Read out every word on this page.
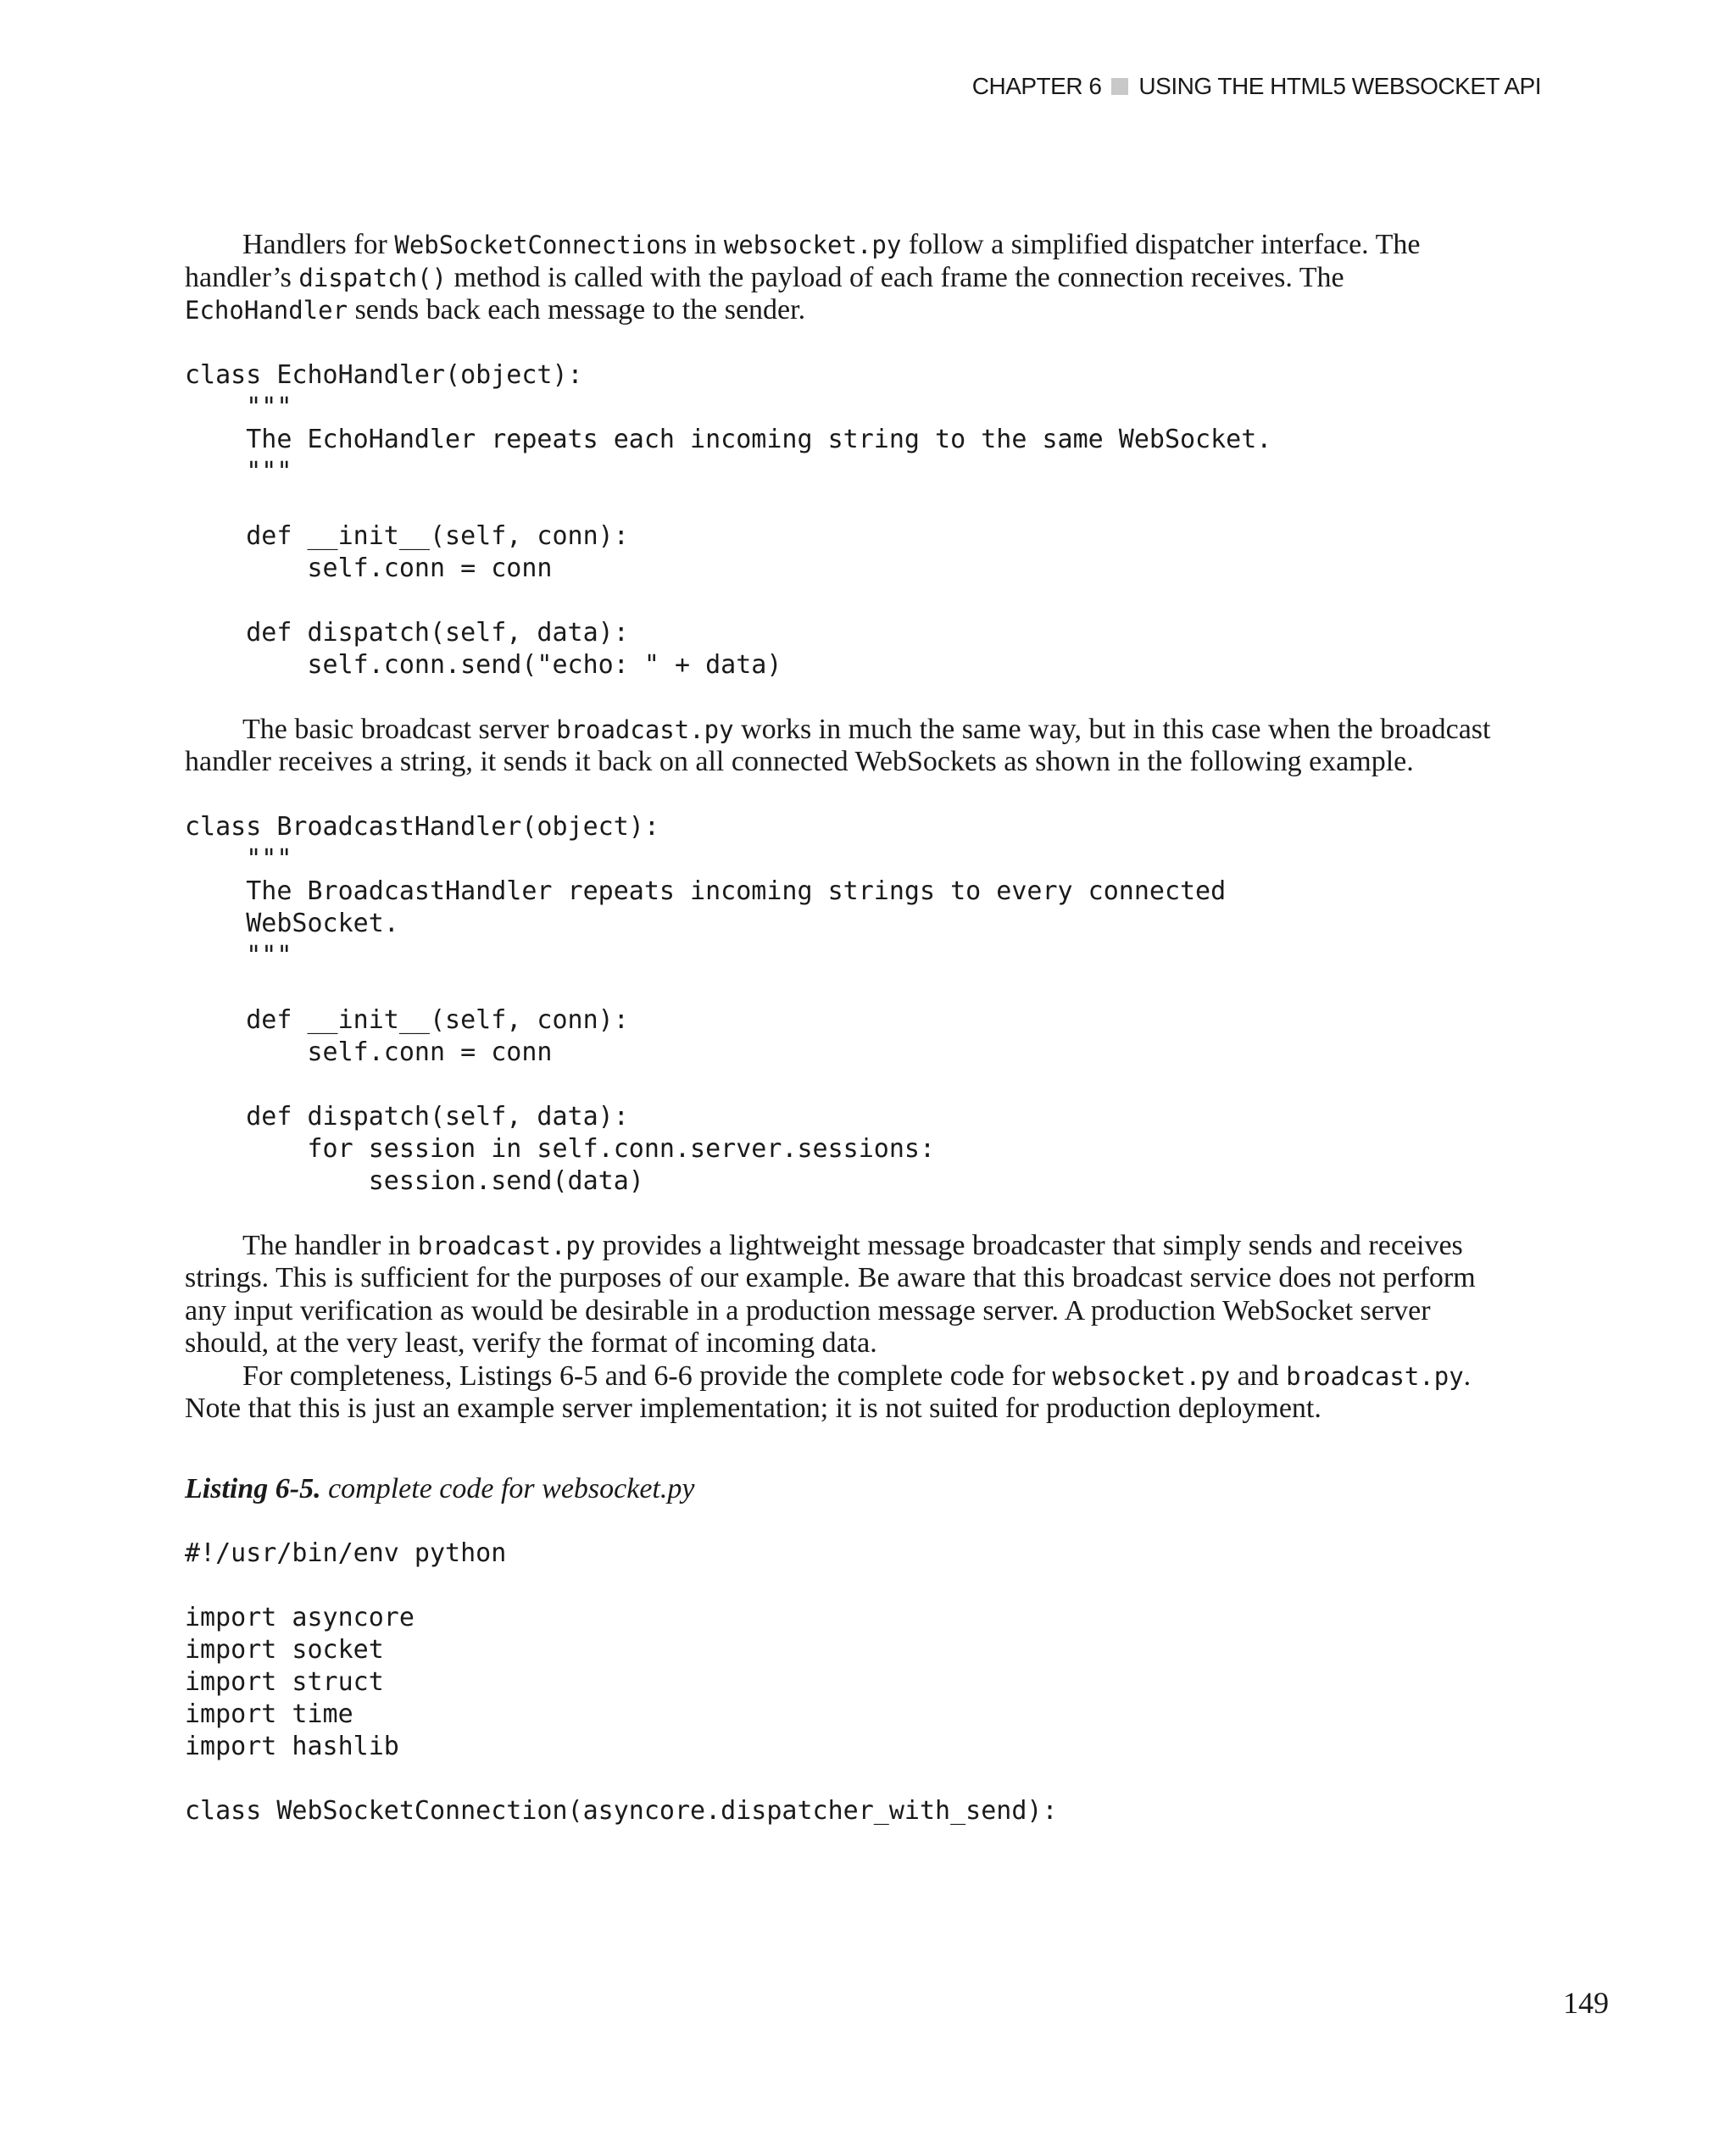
CHAPTER 6 USING THE HTML5 WEBSOCKET API

Handlers for WebSocketConnections in websocket.py follow a simplified dispatcher interface. The handler’s dispatch() method is called with the payload of each frame the connection receives. The EchoHandler sends back each message to the sender.

class EchoHandler(object):
"""
The EchoHandler repeats each incoming string to the same WebSocket.
"""

def __init__(self, conn):
self.conn = conn

def dispatch(self, data):
self.conn.send("echo: " + data)

The basic broadcast server broadcast.py works in much the same way, but in this case when the broadcast handler receives a string, it sends it back on all connected WebSockets as shown in the following example.

class BroadcastHandler(object):
"""
The BroadcastHandler repeats incoming strings to every connected
WebSocket.
"""

def __init__(self, conn):
self.conn = conn

def dispatch(self, data):
for session in self.conn.server.sessions:
session.send(data)

The handler in broadcast.py provides a lightweight message broadcaster that simply sends and receives strings. This is sufficient for the purposes of our example. Be aware that this broadcast service does not perform any input verification as would be desirable in a production message server. A production WebSocket server should, at the very least, verify the format of incoming data.

For completeness, Listings 6-5 and 6-6 provide the complete code for websocket.py and broadcast.py. Note that this is just an example server implementation; it is not suited for production deployment.

Listing 6-5. complete code for websocket.py

#!/usr/bin/env python

import asyncore
import socket
import struct
import time
import hashlib

class WebSocketConnection(asyncore.dispatcher_with_send):
149
